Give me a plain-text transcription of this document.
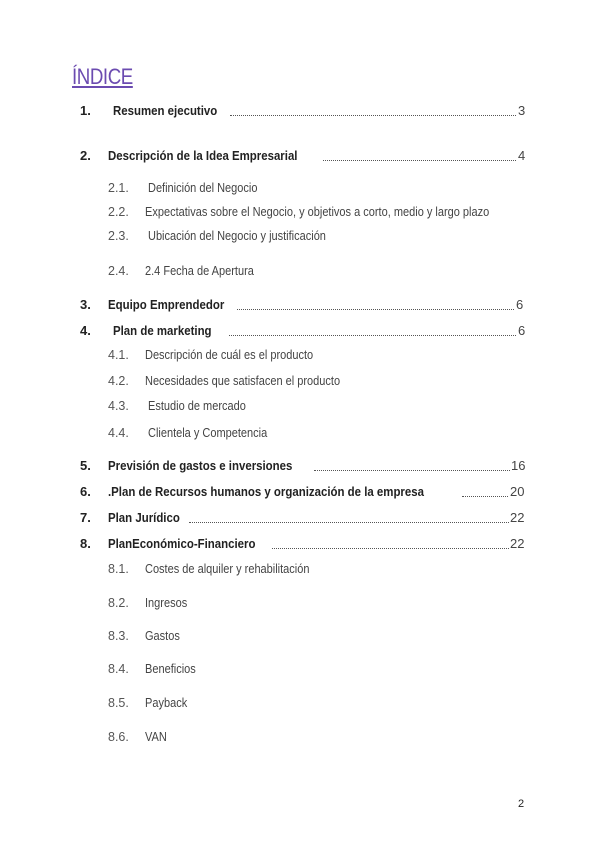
ÍNDICE
1. Resumen ejecutivo	3
2. Descripción de la Idea Empresarial	4
2.1. Definición del Negocio
2.2. Expectativas sobre el Negocio, y objetivos a corto, medio y largo plazo
2.3. Ubicación del Negocio y justificación
2.4. 2.4 Fecha de Apertura
3. Equipo Emprendedor	6
4. Plan de marketing	6
4.1. Descripción de cuál es el producto
4.2. Necesidades que satisfacen el producto
4.3. Estudio de mercado
4.4. Clientela y Competencia
5. Previsión de gastos e inversiones	16
6. .Plan de Recursos humanos y organización de la empresa	20
7. Plan Jurídico	22
8. PlanEconómico-Financiero	22
8.1. Costes de alquiler y rehabilitación
8.2. Ingresos
8.3. Gastos
8.4. Beneficios
8.5. Payback
8.6. VAN
2
